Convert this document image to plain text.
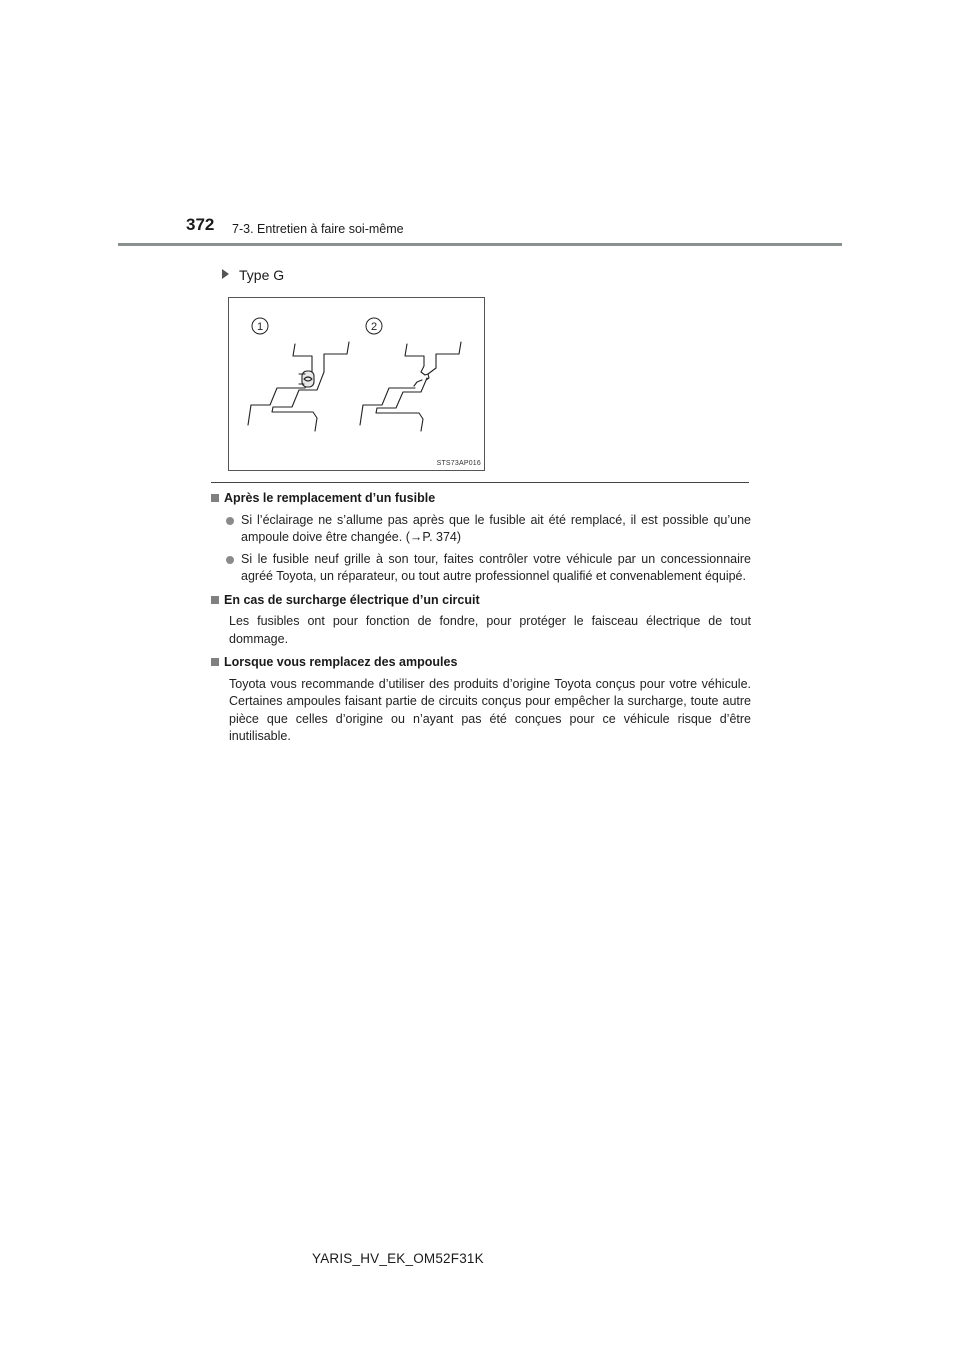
372 7-3. Entretien à faire soi-même
Type G
1	2
STS73AP016
Après le remplacement d’un fusible
Si l’éclairage ne s’allume pas après que le fusible ait été remplacé, il est possible qu’une ampoule doive être changée. (→P. 374)
Si le fusible neuf grille à son tour, faites contrôler votre véhicule par un concessionnaire agréé Toyota, un réparateur, ou tout autre professionnel qualifié et convenablement équipé.
En cas de surcharge électrique d’un circuit
Les fusibles ont pour fonction de fondre, pour protéger le faisceau électrique de tout dommage.
Lorsque vous remplacez des ampoules
Toyota vous recommande d’utiliser des produits d’origine Toyota conçus pour votre véhicule. Certaines ampoules faisant partie de circuits conçus pour empêcher la surcharge, toute autre pièce que celles d’origine ou n’ayant pas été conçues pour ce véhicule risque d’être inutilisable.
YARIS_HV_EK_OM52F31K
